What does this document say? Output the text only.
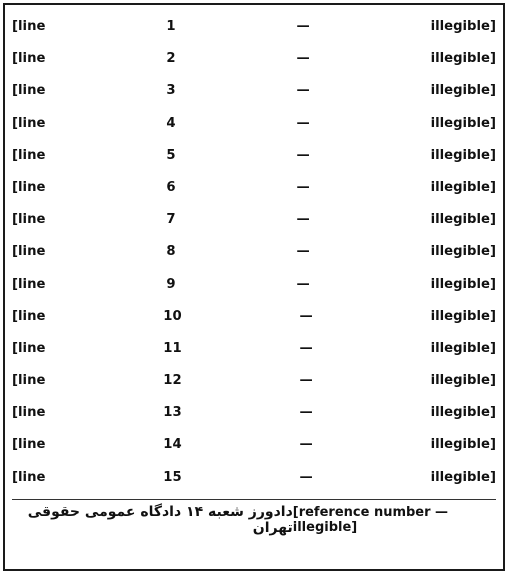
[line 1 — illegible]
[line 2 — illegible]
[line 3 — illegible]
[line 4 — illegible]
[line 5 — illegible]
[line 6 — illegible]
[line 7 — illegible]
[line 8 — illegible]
[line 9 — illegible]
[line 10 — illegible]
[line 11 — illegible]
[line 12 — illegible]
[line 13 — illegible]
[line 14 — illegible]
[line 15 — illegible]
دادورز شعبه ۱۴ دادگاه عمومی حقوقی تهران
[reference number — illegible]
